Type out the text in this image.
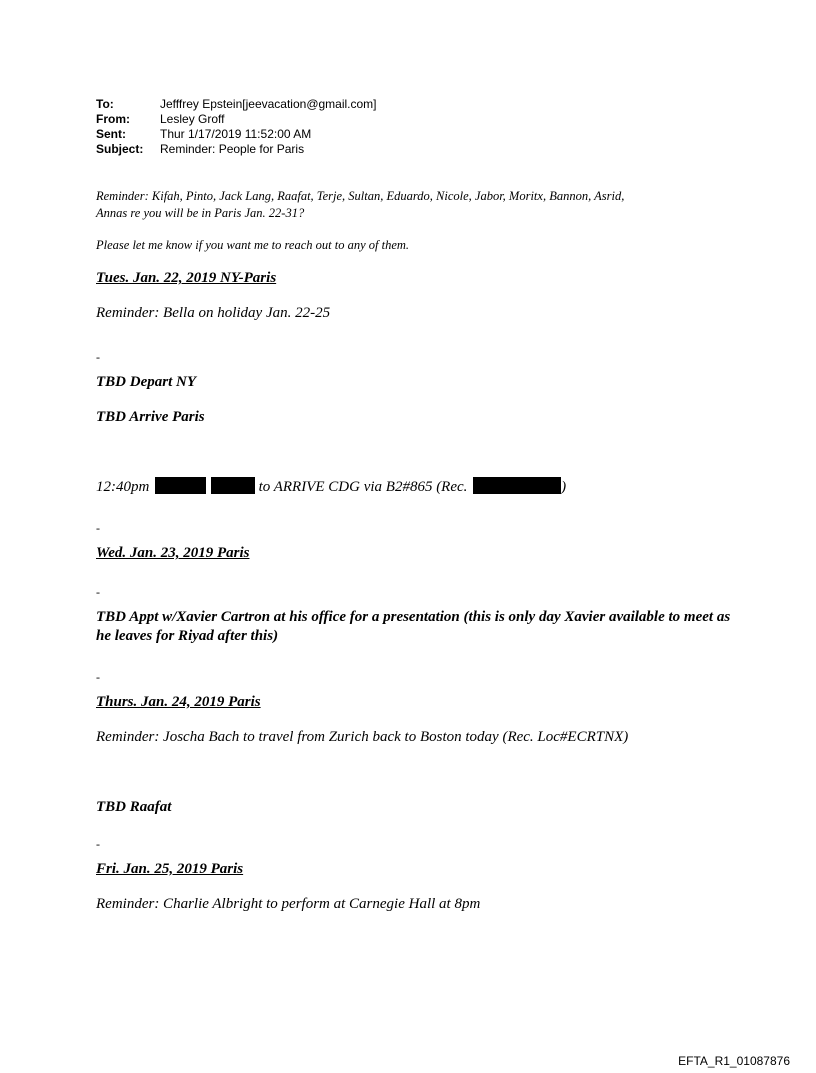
To:	Jefffrey Epstein[jeevacation@gmail.com]
From:	Lesley Groff
Sent:	Thur 1/17/2019 11:52:00 AM
Subject:	Reminder: People for Paris

Reminder: Kifah, Pinto, Jack Lang, Raafat, Terje, Sultan, Eduardo, Nicole, Jabor, Moritx, Bannon, Asrid,

Annas re you will be in Paris Jan. 22-31?

Please let me know if you want me to reach out to any of them.

Tues. Jan. 22, 2019 NY-Paris

Reminder: Bella on holiday Jan. 22-25

-

TBD Depart NY

TBD Arrive Paris

12:40pm	to ARRIVE CDG via B2#865 (Rec.	)

-

Wed. Jan. 23, 2019 Paris

-

TBD Appt w/Xavier Cartron at his office for a presentation (this is only day Xavier available to meet as he leaves for Riyad after this)

-

Thurs. Jan. 24, 2019 Paris

Reminder: Joscha Bach to travel from Zurich back to Boston today (Rec. Loc#ECRTNX)

TBD Raafat

-

Fri. Jan. 25, 2019 Paris

Reminder: Charlie Albright to perform at Carnegie Hall at 8pm

EFTA_R1_01087876
